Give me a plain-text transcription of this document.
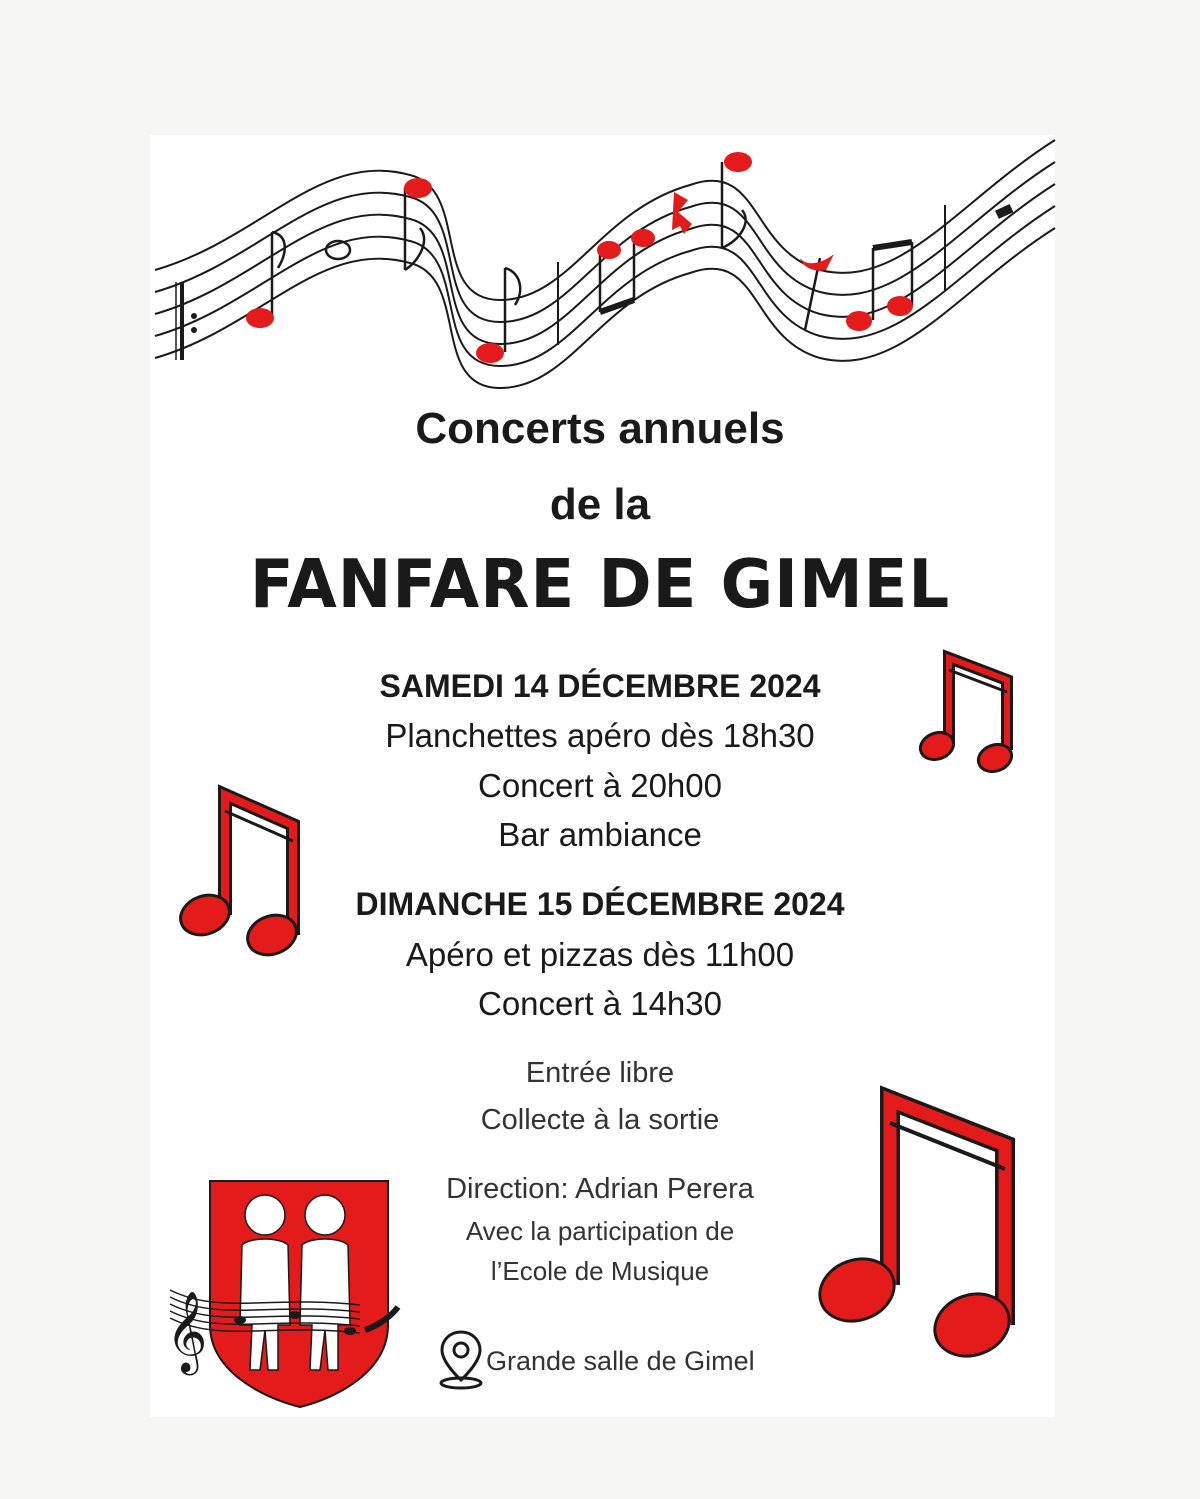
Concerts annuels
de la
FANFARE DE GIMEL
SAMEDI 14 DÉCEMBRE 2024
Planchettes apéro dès 18h30
Concert à 20h00
Bar ambiance
DIMANCHE 15 DÉCEMBRE 2024
Apéro et pizzas dès 11h00
Concert à 14h30
Entrée libre
Collecte à la sortie
Direction: Adrian Perera
Avec la participation de
l’Ecole de Musique
Grande salle de Gimel
𝄞
